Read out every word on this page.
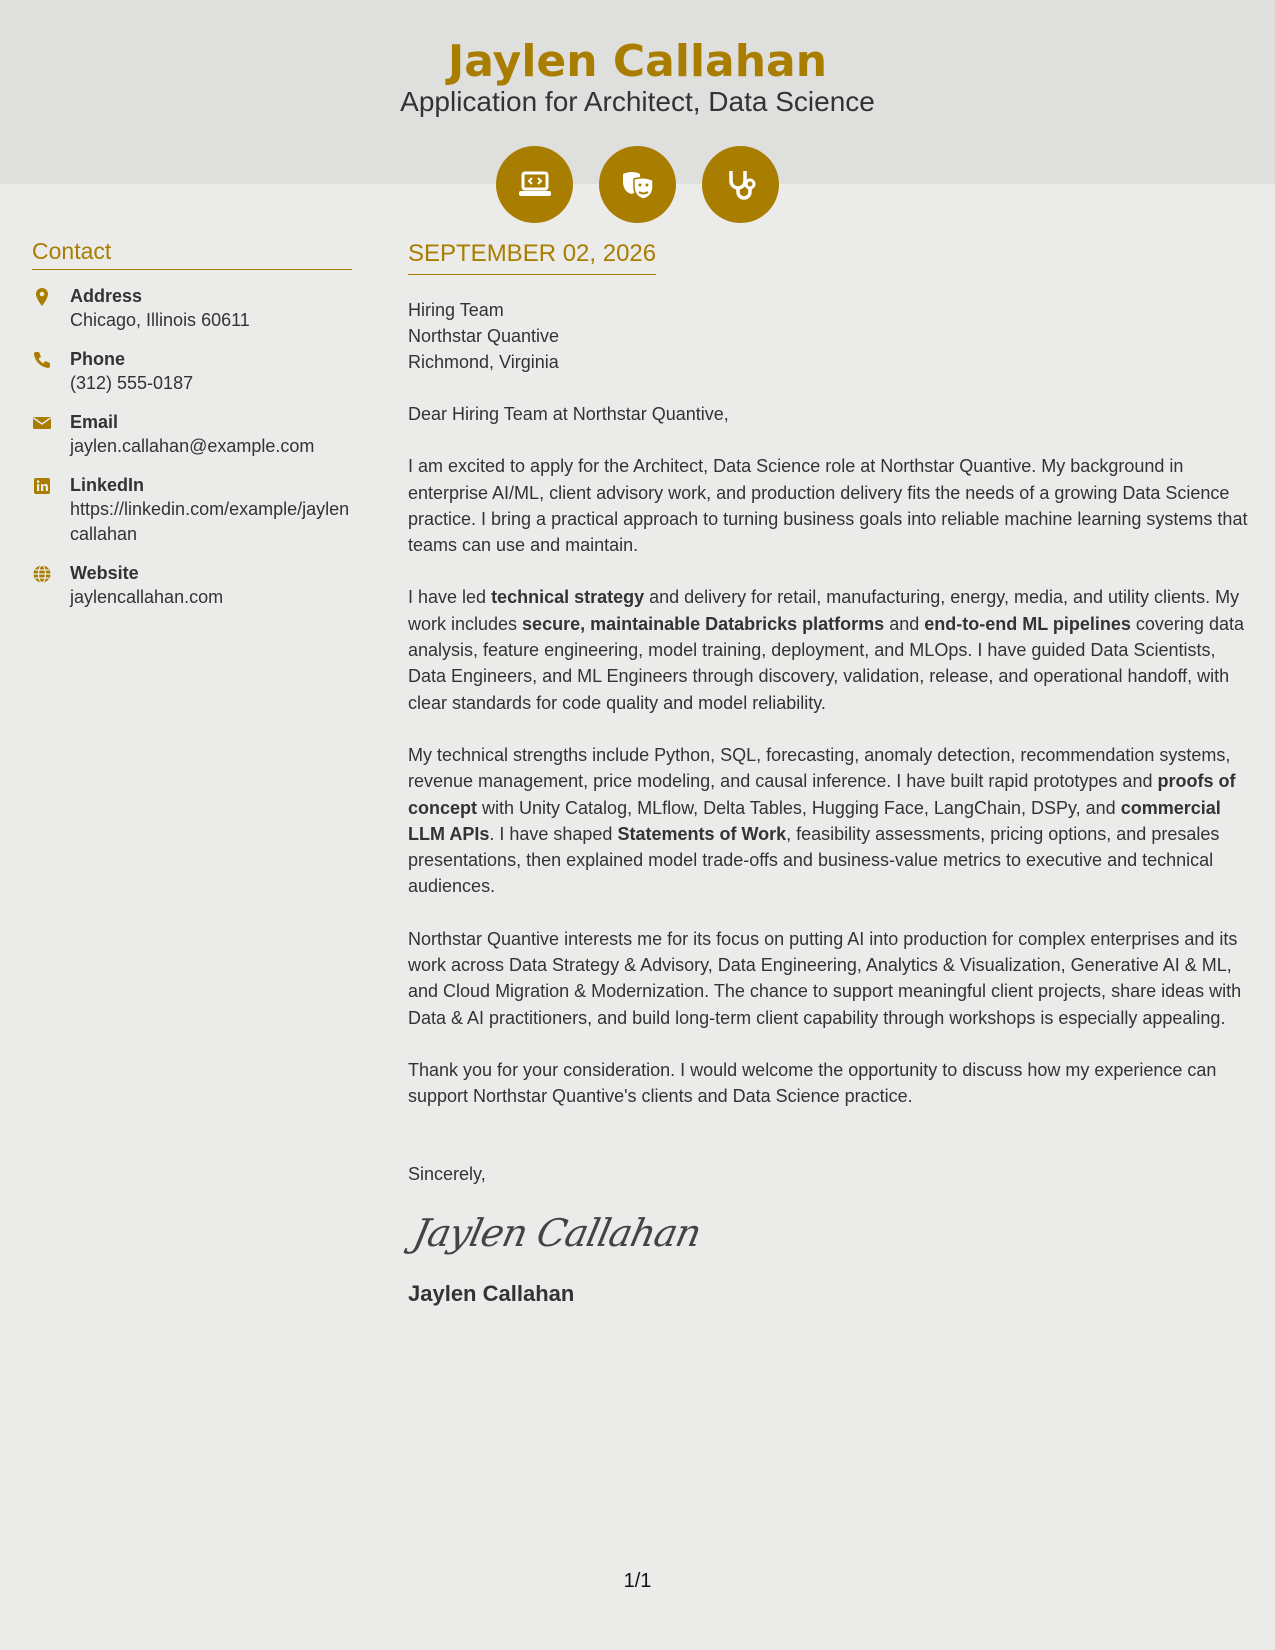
Jaylen Callahan
Application for Architect, Data Science
Contact
Address
Chicago, Illinois 60611
Phone
(312) 555-0187
Email
jaylen.callahan@example.com
LinkedIn
https://linkedin.com/example/jaylencallahan
Website
jaylencallahan.com
SEPTEMBER 02, 2026
Hiring Team
Northstar Quantive
Richmond, Virginia
Dear Hiring Team at Northstar Quantive,
I am excited to apply for the Architect, Data Science role at Northstar Quantive. My background in enterprise AI/ML, client advisory work, and production delivery fits the needs of a growing Data Science practice. I bring a practical approach to turning business goals into reliable machine learning systems that teams can use and maintain.
I have led technical strategy and delivery for retail, manufacturing, energy, media, and utility clients. My work includes secure, maintainable Databricks platforms and end-to-end ML pipelines covering data analysis, feature engineering, model training, deployment, and MLOps. I have guided Data Scientists, Data Engineers, and ML Engineers through discovery, validation, release, and operational handoff, with clear standards for code quality and model reliability.
My technical strengths include Python, SQL, forecasting, anomaly detection, recommendation systems, revenue management, price modeling, and causal inference. I have built rapid prototypes and proofs of concept with Unity Catalog, MLflow, Delta Tables, Hugging Face, LangChain, DSPy, and commercial LLM APIs. I have shaped Statements of Work, feasibility assessments, pricing options, and presales presentations, then explained model trade-offs and business-value metrics to executive and technical audiences.
Northstar Quantive interests me for its focus on putting AI into production for complex enterprises and its work across Data Strategy & Advisory, Data Engineering, Analytics & Visualization, Generative AI & ML, and Cloud Migration & Modernization. The chance to support meaningful client projects, share ideas with Data & AI practitioners, and build long-term client capability through workshops is especially appealing.
Thank you for your consideration. I would welcome the opportunity to discuss how my experience can support Northstar Quantive's clients and Data Science practice.
Sincerely,
Jaylen Callahan
Jaylen Callahan
1/1
